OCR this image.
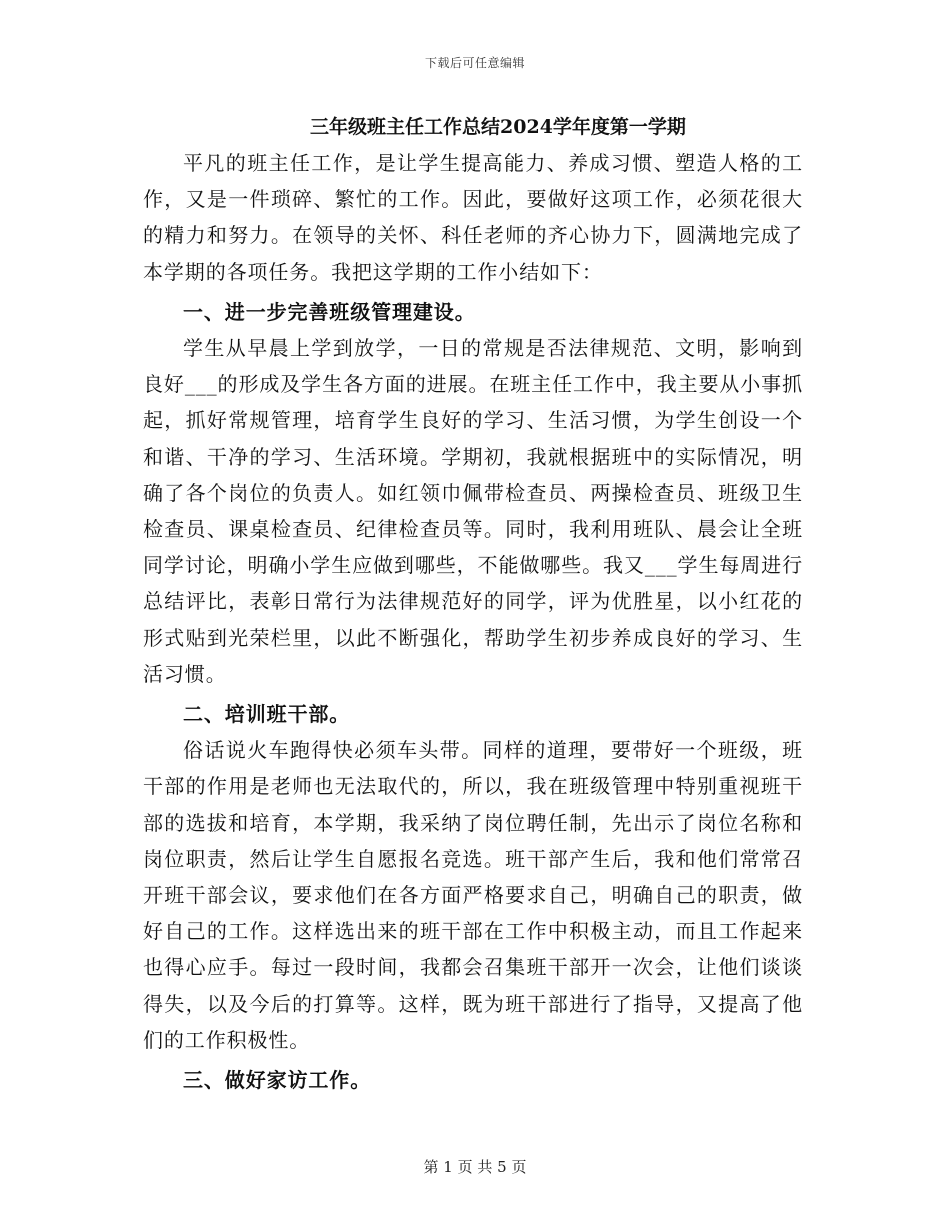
下载后可任意编辑
三年级班主任工作总结2024学年度第一学期

平凡的班主任工作，是让学生提高能力、养成习惯、塑造人格的工作，又是一件琐碎、繁忙的工作。因此，要做好这项工作，必须花很大的精力和努力。在领导的关怀、科任老师的齐心协力下，圆满地完成了本学期的各项任务。我把这学期的工作小结如下：

一、进一步完善班级管理建设。

学生从早晨上学到放学，一日的常规是否法律规范、文明，影响到良好___的形成及学生各方面的进展。在班主任工作中，我主要从小事抓起，抓好常规管理，培育学生良好的学习、生活习惯，为学生创设一个和谐、干净的学习、生活环境。学期初，我就根据班中的实际情况，明确了各个岗位的负责人。如红领巾佩带检查员、两操检查员、班级卫生检查员、课桌检查员、纪律检查员等。同时，我利用班队、晨会让全班同学讨论，明确小学生应做到哪些，不能做哪些。我又___学生每周进行总结评比，表彰日常行为法律规范好的同学，评为优胜星，以小红花的形式贴到光荣栏里，以此不断强化，帮助学生初步养成良好的学习、生活习惯。

二、培训班干部。

俗话说火车跑得快必须车头带。同样的道理，要带好一个班级，班干部的作用是老师也无法取代的，所以，我在班级管理中特别重视班干部的选拔和培育，本学期，我采纳了岗位聘任制，先出示了岗位名称和岗位职责，然后让学生自愿报名竞选。班干部产生后，我和他们常常召开班干部会议，要求他们在各方面严格要求自己，明确自己的职责，做好自己的工作。这样选出来的班干部在工作中积极主动，而且工作起来也得心应手。每过一段时间，我都会召集班干部开一次会，让他们谈谈得失，以及今后的打算等。这样，既为班干部进行了指导，又提高了他们的工作积极性。

三、做好家访工作。

第 1 页 共 5 页
